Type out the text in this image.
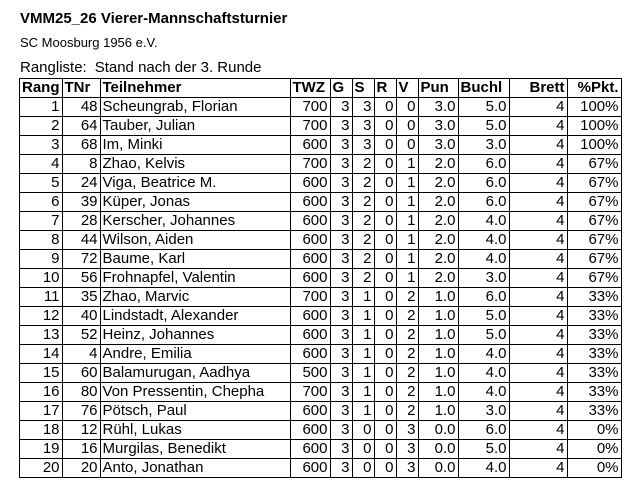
VMM25_26 Vierer-Mannschaftsturnier
SC Moosburg 1956 e.V.
Rangliste: Stand nach der 3. Runde
Rang	TNr	Teilnehmer	TWZ	G	S	R	V	Pun	Buchl	Brett	%Pkt.
1	48	Scheungrab, Florian	700	3	3	0	0	3.0	5.0	4	100%
2	64	Tauber, Julian	700	3	3	0	0	3.0	5.0	4	100%
3	68	Im, Minki	600	3	3	0	0	3.0	3.0	4	100%
4	8	Zhao, Kelvis	700	3	2	0	1	2.0	6.0	4	67%
5	24	Viga, Beatrice M.	600	3	2	0	1	2.0	6.0	4	67%
6	39	Küper, Jonas	600	3	2	0	1	2.0	6.0	4	67%
7	28	Kerscher, Johannes	600	3	2	0	1	2.0	4.0	4	67%
8	44	Wilson, Aiden	600	3	2	0	1	2.0	4.0	4	67%
9	72	Baume, Karl	600	3	2	0	1	2.0	4.0	4	67%
10	56	Frohnapfel, Valentin	600	3	2	0	1	2.0	3.0	4	67%
11	35	Zhao, Marvic	700	3	1	0	2	1.0	6.0	4	33%
12	40	Lindstadt, Alexander	600	3	1	0	2	1.0	5.0	4	33%
13	52	Heinz, Johannes	600	3	1	0	2	1.0	5.0	4	33%
14	4	Andre, Emilia	600	3	1	0	2	1.0	4.0	4	33%
15	60	Balamurugan, Aadhya	500	3	1	0	2	1.0	4.0	4	33%
16	80	Von Pressentin, Chepha	700	3	1	0	2	1.0	4.0	4	33%
17	76	Pötsch, Paul	600	3	1	0	2	1.0	3.0	4	33%
18	12	Rühl, Lukas	600	3	0	0	3	0.0	6.0	4	0%
19	16	Murgilas, Benedikt	600	3	0	0	3	0.0	5.0	4	0%
20	20	Anto, Jonathan	600	3	0	0	3	0.0	4.0	4	0%
